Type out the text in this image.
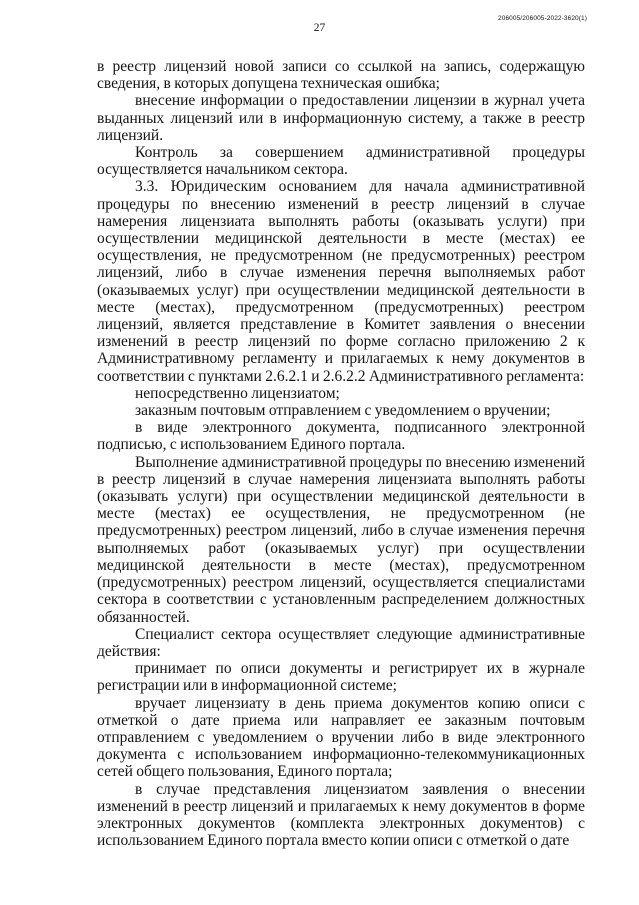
27
206005/206005-2022-3620(1)

в реестр лицензий новой записи со ссылкой на запись, содержащую сведения, в которых допущена техническая ошибка;

внесение информации о предоставлении лицензии в журнал учета выданных лицензий или в информационную систему, а также в реестр лицензий.

Контроль за совершением административной процедуры осуществляется начальником сектора.

3.3. Юридическим основанием для начала административной процедуры по внесению изменений в реестр лицензий в случае намерения лицензиата выполнять работы (оказывать услуги) при осуществлении медицинской деятельности в месте (местах) ее осуществления, не предусмотренном (не предусмотренных) реестром лицензий, либо в случае изменения перечня выполняемых работ (оказываемых услуг) при осуществлении медицинской деятельности в месте (местах), предусмотренном (предусмотренных) реестром лицензий, является представление в Комитет заявления о внесении изменений в реестр лицензий по форме согласно приложению 2 к Административному регламенту и прилагаемых к нему документов в соответствии с пунктами 2.6.2.1 и 2.6.2.2 Административного регламента:

непосредственно лицензиатом;

заказным почтовым отправлением с уведомлением о вручении;

в виде электронного документа, подписанного электронной подписью, с использованием Единого портала.

Выполнение административной процедуры по внесению изменений в реестр лицензий в случае намерения лицензиата выполнять работы (оказывать услуги) при осуществлении медицинской деятельности в месте (местах) ее осуществления, не предусмотренном (не предусмотренных) реестром лицензий, либо в случае изменения перечня выполняемых работ (оказываемых услуг) при осуществлении медицинской деятельности в месте (местах), предусмотренном (предусмотренных) реестром лицензий, осуществляется специалистами сектора в соответствии с установленным распределением должностных обязанностей.

Специалист сектора осуществляет следующие административные действия:

принимает по описи документы и регистрирует их в журнале регистрации или в информационной системе;

вручает лицензиату в день приема документов копию описи с отметкой о дате приема или направляет ее заказным почтовым отправлением с уведомлением о вручении либо в виде электронного документа с использованием информационно-телекоммуникационных сетей общего пользования, Единого портала;

в случае представления лицензиатом заявления о внесении изменений в реестр лицензий и прилагаемых к нему документов в форме электронных документов (комплекта электронных документов) с использованием Единого портала вместо копии описи с отметкой о дате
